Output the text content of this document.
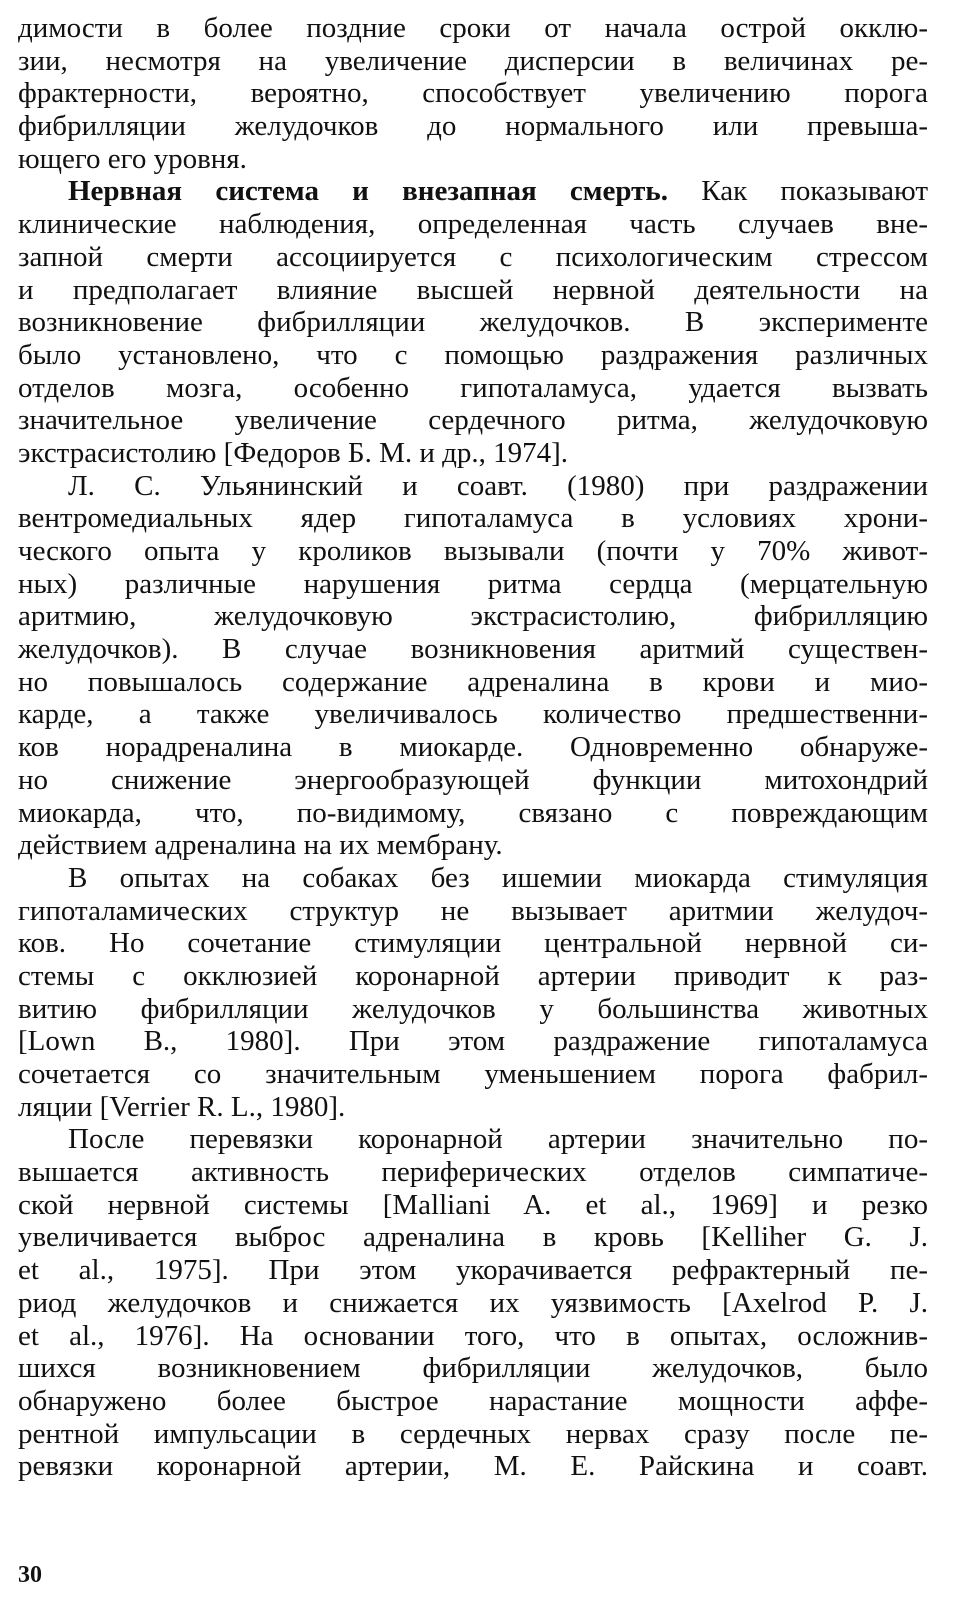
димости в более поздние сроки от начала острой окклю-
зии, несмотря на увеличение дисперсии в величинах ре-
фрактерности, вероятно, способствует увеличению порога
фибрилляции желудочков до нормального или превыша-
ющего его уровня.
Нервная система и внезапная смерть. Как показывают
клинические наблюдения, определенная часть случаев вне-
запной смерти ассоциируется с психологическим стрессом
и предполагает влияние высшей нервной деятельности на
возникновение фибрилляции желудочков. В эксперименте
было установлено, что с помощью раздражения различных
отделов мозга, особенно гипоталамуса, удается вызвать
значительное увеличение сердечного ритма, желудочковую
экстрасистолию [Федоров Б. М. и др., 1974].
Л. С. Ульянинский и соавт. (1980) при раздражении
вентромедиальных ядер гипоталамуса в условиях хрони-
ческого опыта у кроликов вызывали (почти у 70% живот-
ных) различные нарушения ритма сердца (мерцательную
аритмию, желудочковую экстрасистолию, фибрилляцию
желудочков). В случае возникновения аритмий существен-
но повышалось содержание адреналина в крови и мио-
карде, а также увеличивалось количество предшественни-
ков норадреналина в миокарде. Одновременно обнаруже-
но снижение энергообразующей функции митохондрий
миокарда, что, по-видимому, связано с повреждающим
действием адреналина на их мембрану.
В опытах на собаках без ишемии миокарда стимуляция
гипоталамических структур не вызывает аритмии желудоч-
ков. Но сочетание стимуляции центральной нервной си-
стемы с окклюзией коронарной артерии приводит к раз-
витию фибрилляции желудочков у большинства животных
[Lown B., 1980]. При этом раздражение гипоталамуса
сочетается со значительным уменьшением порога фабрил-
ляции [Verrier R. L., 1980].
После перевязки коронарной артерии значительно по-
вышается активность периферических отделов симпатиче-
ской нервной системы [Malliani A. et al., 1969] и резко
увеличивается выброс адреналина в кровь [Kelliher G. J.
et al., 1975]. При этом укорачивается рефрактерный пе-
риод желудочков и снижается их уязвимость [Axelrod P. J.
et al., 1976]. На основании того, что в опытах, осложнив-
шихся возникновением фибрилляции желудочков, было
обнаружено более быстрое нарастание мощности аффе-
рентной импульсации в сердечных нервах сразу после пе-
ревязки коронарной артерии, М. Е. Райскина и соавт.
30
